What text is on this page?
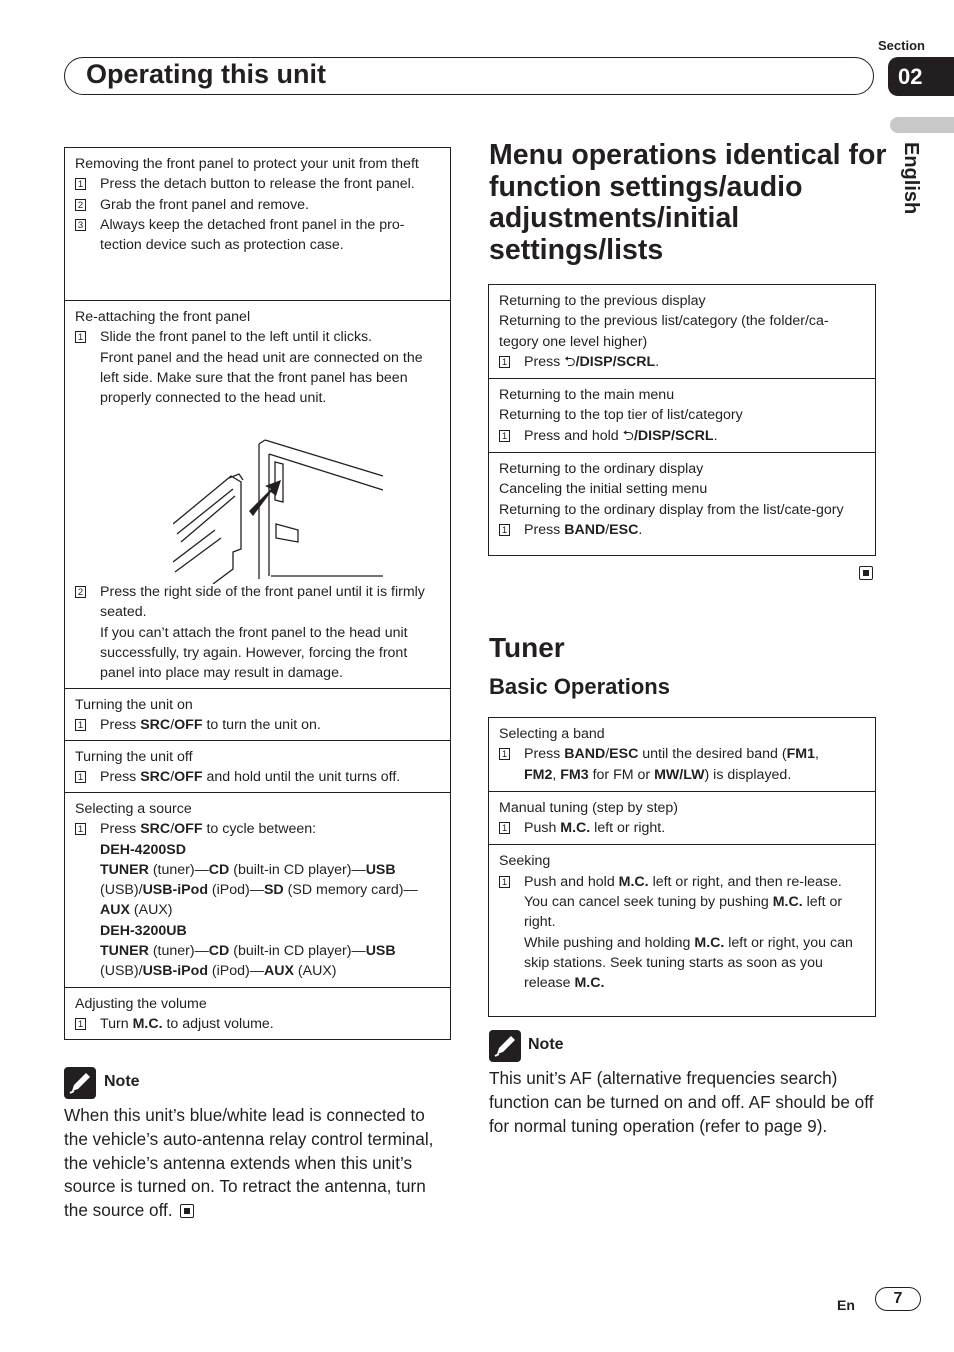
Section
02
Operating this unit
English
Removing the front panel to protect your unit from theft
1 Press the detach button to release the front panel.
2 Grab the front panel and remove.
3 Always keep the detached front panel in the pro-tection device such as protection case.
Re-attaching the front panel
1 Slide the front panel to the left until it clicks.
Front panel and the head unit are connected on the left side. Make sure that the front panel has been properly connected to the head unit.
2 Press the right side of the front panel until it is firmly seated.
If you can’t attach the front panel to the head unit successfully, try again. However, forcing the front panel into place may result in damage.
Turning the unit on
1 Press SRC/OFF to turn the unit on.
Turning the unit off
1 Press SRC/OFF and hold until the unit turns off.
Selecting a source
1 Press SRC/OFF to cycle between:
DEH-4200SD
TUNER (tuner)—CD (built-in CD player)—USB
(USB)/USB-iPod (iPod)—SD (SD memory card)—
AUX (AUX)
DEH-3200UB
TUNER (tuner)—CD (built-in CD player)—USB
(USB)/USB-iPod (iPod)—AUX (AUX)
Adjusting the volume
1 Turn M.C. to adjust volume.
Note
When this unit’s blue/white lead is connected to the vehicle’s auto-antenna relay control terminal, the vehicle’s antenna extends when this unit’s source is turned on. To retract the antenna, turn the source off.
Menu operations identical for function settings/audio adjustments/initial settings/lists
Returning to the previous display
Returning to the previous list/category (the folder/ca-tegory one level higher)
1 Press ⮌/DISP/SCRL.
Returning to the main menu
Returning to the top tier of list/category
1 Press and hold ⮌/DISP/SCRL.
Returning to the ordinary display
Canceling the initial setting menu
Returning to the ordinary display from the list/cate-gory
1 Press BAND/ESC.
Tuner
Basic Operations
Selecting a band
1 Press BAND/ESC until the desired band (FM1,
FM2, FM3 for FM or MW/LW) is displayed.
Manual tuning (step by step)
1 Push M.C. left or right.
Seeking
1 Push and hold M.C. left or right, and then re-lease.
You can cancel seek tuning by pushing M.C. left or right.
While pushing and holding M.C. left or right, you can skip stations. Seek tuning starts as soon as you release M.C.
Note
This unit’s AF (alternative frequencies search) function can be turned on and off. AF should be off for normal tuning operation (refer to page 9).
En	7
